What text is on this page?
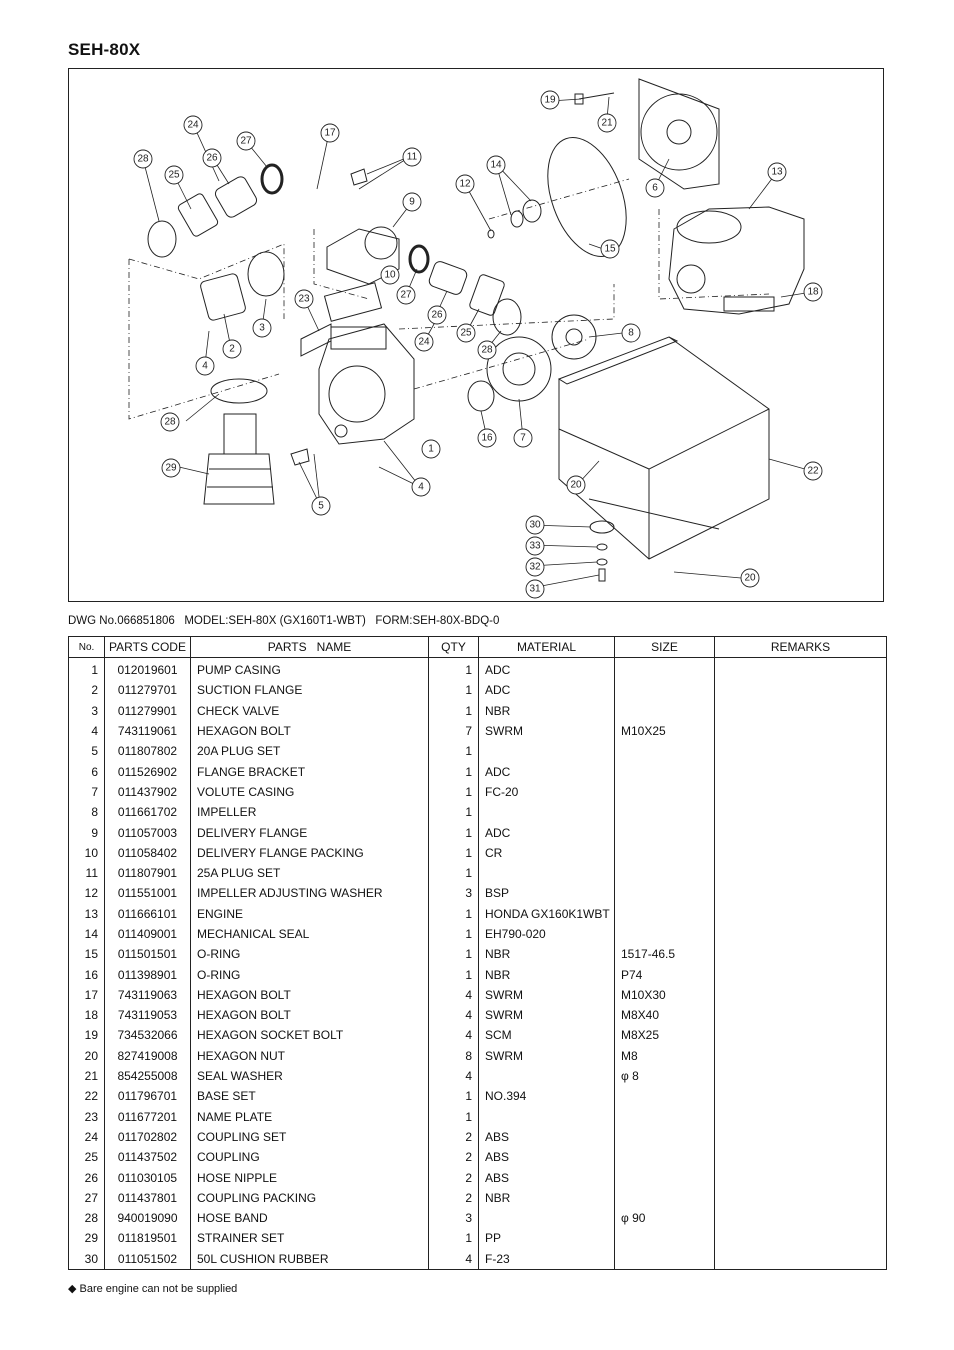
SEH-80X
1
2
3
4
4
5
6
7
8
9
10
11
12
13
14
15
16
17
18
19
20
20
21
22
23
24
24
25
25
26
26
27
27
28
28
28
29
30
31
32
33
DWG No.066851806   MODEL:SEH-80X (GX160T1-WBT)   FORM:SEH-80X-BDQ-0
No.	PARTS CODE	PARTS   NAME	QTY	MATERIAL	SIZE	REMARKS
1	012019601	PUMP CASING	1	ADC		
2	011279701	SUCTION FLANGE	1	ADC		
3	011279901	CHECK VALVE	1	NBR		
4	743119061	HEXAGON BOLT	7	SWRM	M10X25	
5	011807802	20A PLUG SET	1			
6	011526902	FLANGE BRACKET	1	ADC		
7	011437902	VOLUTE CASING	1	FC-20		
8	011661702	IMPELLER	1			
9	011057003	DELIVERY FLANGE	1	ADC		
10	011058402	DELIVERY FLANGE PACKING	1	CR		
11	011807901	25A PLUG SET	1			
12	011551001	IMPELLER ADJUSTING WASHER	3	BSP		
13	011666101	ENGINE	1	HONDA GX160K1WBT		
14	011409001	MECHANICAL SEAL	1	EH790-020		
15	011501501	O-RING	1	NBR	1517-46.5	
16	011398901	O-RING	1	NBR	P74	
17	743119063	HEXAGON BOLT	4	SWRM	M10X30	
18	743119053	HEXAGON BOLT	4	SWRM	M8X40	
19	734532066	HEXAGON SOCKET BOLT	4	SCM	M8X25	
20	827419008	HEXAGON NUT	8	SWRM	M8	
21	854255008	SEAL WASHER	4		φ 8	
22	011796701	BASE SET	1	NO.394		
23	011677201	NAME PLATE	1			
24	011702802	COUPLING SET	2	ABS		
25	011437502	COUPLING	2	ABS		
26	011030105	HOSE NIPPLE	2	ABS		
27	011437801	COUPLING PACKING	2	NBR		
28	940019090	HOSE BAND	3		φ 90	
29	011819501	STRAINER SET	1	PP		
30	011051502	50L CUSHION RUBBER	4	F-23		
◆ Bare engine can not be supplied
